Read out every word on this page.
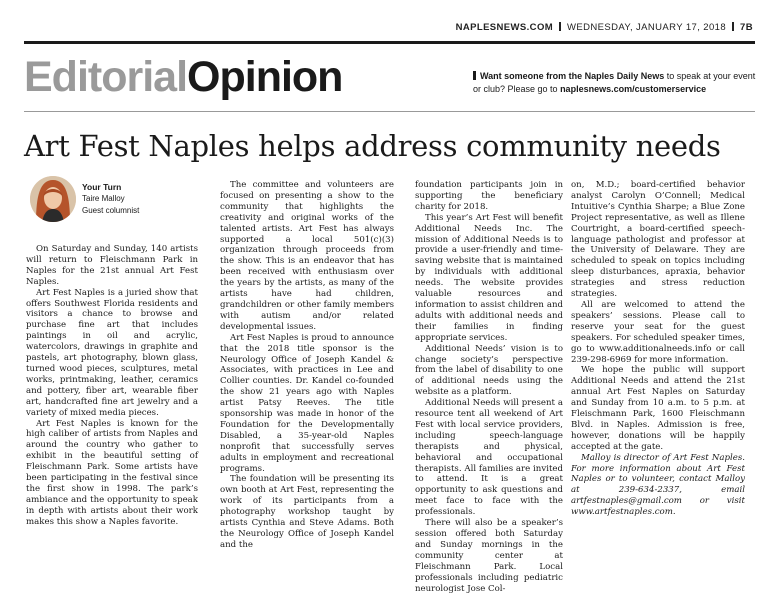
NAPLESNEWS.COM WEDNESDAY, JANUARY 17, 2018 7B
EditorialOpinion	Want someone from the Naples Daily News to speak at your event or club? Please go to naplesnews.com/customerservice
Art Fest Naples helps address community needs
Your Turn
Taire Malloy
Guest columnist

On Saturday and Sunday, 140 artists will return to Fleischmann Park in Naples for the 21st annual Art Fest Naples.

Art Fest Naples is a juried show that offers Southwest Florida residents and visitors a chance to browse and purchase fine art that includes paintings in oil and acrylic, watercolors, drawings in graphite and pastels, art photography, blown glass, turned wood pieces, sculptures, metal works, printmaking, leather, ceramics and pottery, fiber art, wearable fiber art, handcrafted fine art jewelry and a variety of mixed media pieces.

Art Fest Naples is known for the high caliber of artists from Naples and around the country who gather to exhibit in the beautiful setting of Fleischmann Park. Some artists have been participating in the festival since the first show in 1998. The park’s ambiance and the opportunity to speak in depth with artists about their work makes this show a Naples favorite.

The committee and volunteers are focused on presenting a show to the community that highlights the creativity and original works of the talented artists. Art Fest has always supported a local 501(c)(3) organization through proceeds from the show. This is an endeavor that has been received with enthusiasm over the years by the artists, as many of the artists have had children, grandchildren or other family members with autism and/or related developmental issues.

Art Fest Naples is proud to announce that the 2018 title sponsor is the Neurology Office of Joseph Kandel & Associates, with practices in Lee and Collier counties. Dr. Kandel co-founded the show 21 years ago with Naples artist Patsy Reeves. The title sponsorship was made in honor of the Foundation for the Developmentally Disabled, a 35-year-old Naples nonprofit that successfully serves adults in employment and recreational programs.

The foundation will be presenting its own booth at Art Fest, representing the work of its participants from a photography workshop taught by artists Cynthia and Steve Adams. Both the Neurology Office of Joseph Kandel and the

foundation participants join in supporting the beneficiary charity for 2018.

This year’s Art Fest will benefit Additional Needs Inc. The mission of Additional Needs is to provide a user-friendly and time-saving website that is maintained by individuals with additional needs. The website provides valuable resources and information to assist children and adults with additional needs and their families in finding appropriate services.

Additional Needs’ vision is to change society’s perspective from the label of disability to one of additional needs using the website as a platform.

Additional Needs will present a resource tent all weekend of Art Fest with local service providers, including speech-language therapists and physical, behavioral and occupational therapists. All families are invited to attend. It is a great opportunity to ask questions and meet face to face with the professionals.

There will also be a speaker’s session offered both Saturday and Sunday mornings in the community center at Fleischmann Park. Local professionals including pediatric neurologist Jose Col-

on, M.D.; board-certified behavior analyst Carolyn O’Connell; Medical Intuitive’s Cynthia Sharpe; a Blue Zone Project representative, as well as Illene Courtright, a board-certified speech-language pathologist and professor at the University of Delaware. They are scheduled to speak on topics including sleep disturbances, apraxia, behavior strategies and stress reduction strategies.

All are welcomed to attend the speakers’ sessions. Please call to reserve your seat for the guest speakers. For scheduled speaker times, go to www.additionalneeds.info or call 239-298-6969 for more information.

We hope the public will support Additional Needs and attend the 21st annual Art Fest Naples on Saturday and Sunday from 10 a.m. to 5 p.m. at Fleischmann Park, 1600 Fleischmann Blvd. in Naples. Admission is free, however, donations will be happily accepted at the gate.

Malloy is director of Art Fest Naples. For more information about Art Fest Naples or to volunteer, contact Malloy at 239-634-2337, email artfestnaples@gmail.com or visit www.artfestnaples.com.
